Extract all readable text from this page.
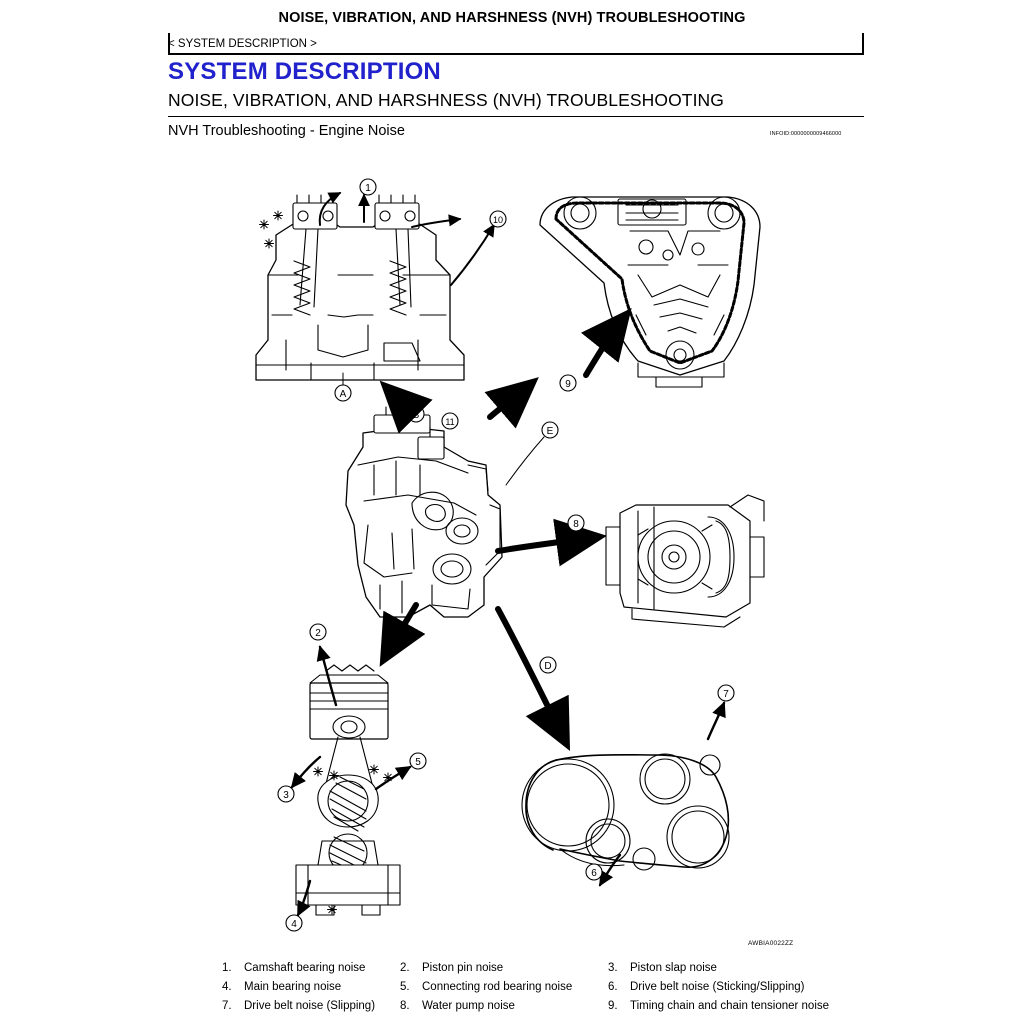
NOISE, VIBRATION, AND HARSHNESS (NVH) TROUBLESHOOTING
< SYSTEM DESCRIPTION >
SYSTEM DESCRIPTION
NOISE, VIBRATION, AND HARSHNESS (NVH) TROUBLESHOOTING
NVH Troubleshooting - Engine Noise	INFOID:0000000009466000
1
10
A
9
11
B
E
C
D
8
2
3
5
4
7
6
AWBIA0022ZZ
1.	Camshaft bearing noise	2.	Piston pin noise	3.	Piston slap noise
4.	Main bearing noise	5.	Connecting rod bearing noise	6.	Drive belt noise (Sticking/Slipping)
7.	Drive belt noise (Slipping) 8.	Water pump noise	9.	Timing chain and chain tensioner noise
